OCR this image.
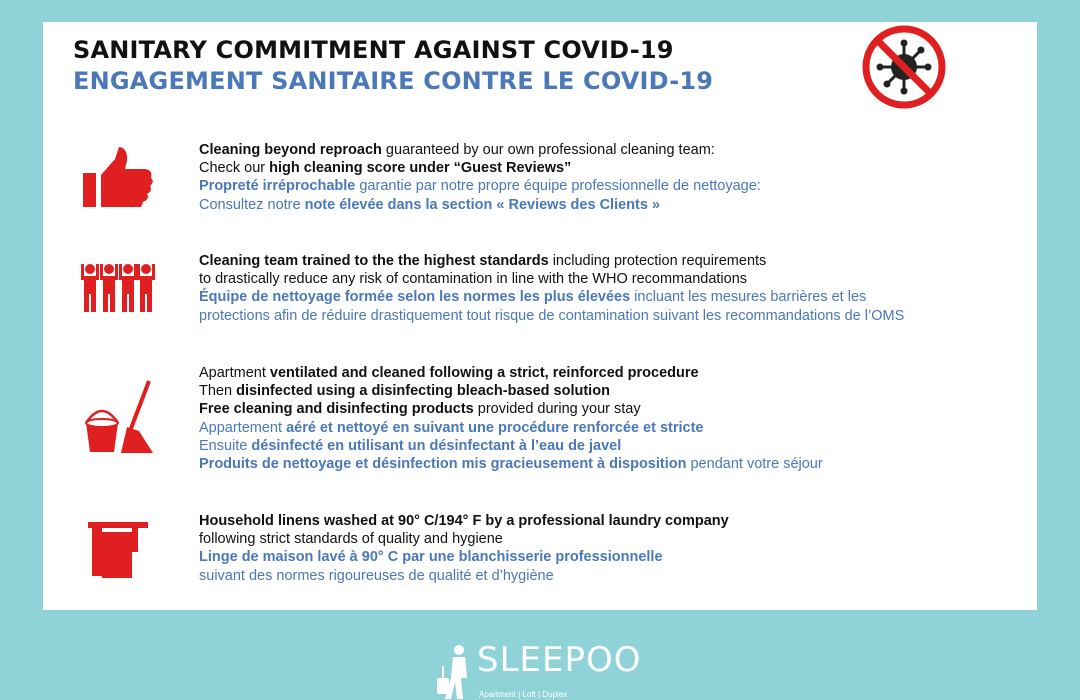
SANITARY COMMITMENT AGAINST COVID-19
ENGAGEMENT SANITAIRE CONTRE LE COVID-19
Cleaning beyond reproach guaranteed by our own professional cleaning team:
Check our high cleaning score under “Guest Reviews”
Propreté irréprochable garantie par notre propre équipe professionnelle de nettoyage:
Consultez notre note élevée dans la section « Reviews des Clients »
Cleaning team trained to the the highest standards including protection requirements
to drastically reduce any risk of contamination in line with the WHO recommandations
Équipe de nettoyage formée selon les normes les plus élevées incluant les mesures barrières et les
protections afin de réduire drastiquement tout risque de contamination suivant les recommandations de l’OMS
Apartment ventilated and cleaned following a strict, reinforced procedure
Then disinfected using a disinfecting bleach-based solution
Free cleaning and disinfecting products provided during your stay
Appartement aéré et nettoyé en suivant une procédure renforcée et stricte
Ensuite désinfecté en utilisant un désinfectant à l’eau de javel
Produits de nettoyage et désinfection mis gracieusement à disposition pendant votre séjour
Household linens washed at 90° C/194° F by a professional laundry company
following strict standards of quality and hygiene
Linge de maison lavé à 90° C par une blanchisserie professionnelle
suivant des normes rigoureuses de qualité et d’hygiène
SLEEPOO
Apartment | Loft | Duplex
